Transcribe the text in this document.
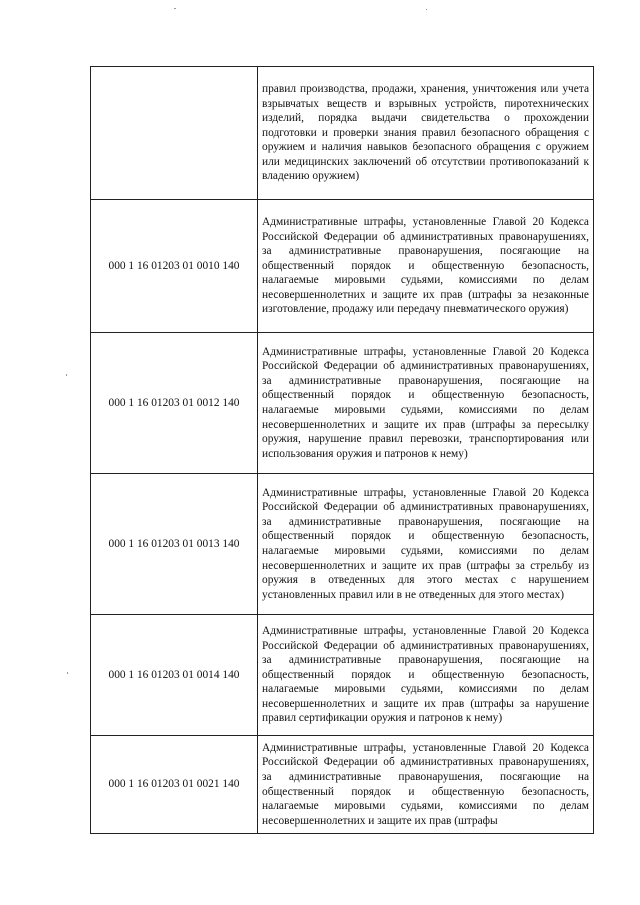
	правил производства, продажи, хранения, уничтожения или учета взрывчатых веществ и взрывных устройств, пиротехнических изделий, порядка выдачи свидетельства о прохождении подготовки и проверки знания правил безопасного обращения с оружием и наличия навыков безопасного обращения с оружием или медицинских заключений об отсутствии противопоказаний к владению оружием)
000 1 16 01203 01 0010 140	Административные штрафы, установленные Главой 20 Кодекса Российской Федерации об административных правонарушениях, за административные правонарушения, посягающие на общественный порядок и общественную безопасность, налагаемые мировыми судьями, комиссиями по делам несовершеннолетних и защите их прав (штрафы за незаконные изготовление, продажу или передачу пневматического оружия)
000 1 16 01203 01 0012 140	Административные штрафы, установленные Главой 20 Кодекса Российской Федерации об административных правонарушениях, за административные правонарушения, посягающие на общественный порядок и общественную безопасность, налагаемые мировыми судьями, комиссиями по делам несовершеннолетних и защите их прав (штрафы за пересылку оружия, нарушение правил перевозки, транспортирования или использования оружия и патронов к нему)
000 1 16 01203 01 0013 140	Административные штрафы, установленные Главой 20 Кодекса Российской Федерации об административных правонарушениях, за административные правонарушения, посягающие на общественный порядок и общественную безопасность, налагаемые мировыми судьями, комиссиями по делам несовершеннолетних и защите их прав (штрафы за стрельбу из оружия в отведенных для этого местах с нарушением установленных правил или в не отведенных для этого местах)
000 1 16 01203 01 0014 140	Административные штрафы, установленные Главой 20 Кодекса Российской Федерации об административных правонарушениях, за административные правонарушения, посягающие на общественный порядок и общественную безопасность, налагаемые мировыми судьями, комиссиями по делам несовершеннолетних и защите их прав (штрафы за нарушение правил сертификации оружия и патронов к нему)
000 1 16 01203 01 0021 140	Административные штрафы, установленные Главой 20 Кодекса Российской Федерации об административных правонарушениях, за административные правонарушения, посягающие на общественный порядок и общественную безопасность, налагаемые мировыми судьями, комиссиями по делам несовершеннолетних и защите их прав (штрафы
